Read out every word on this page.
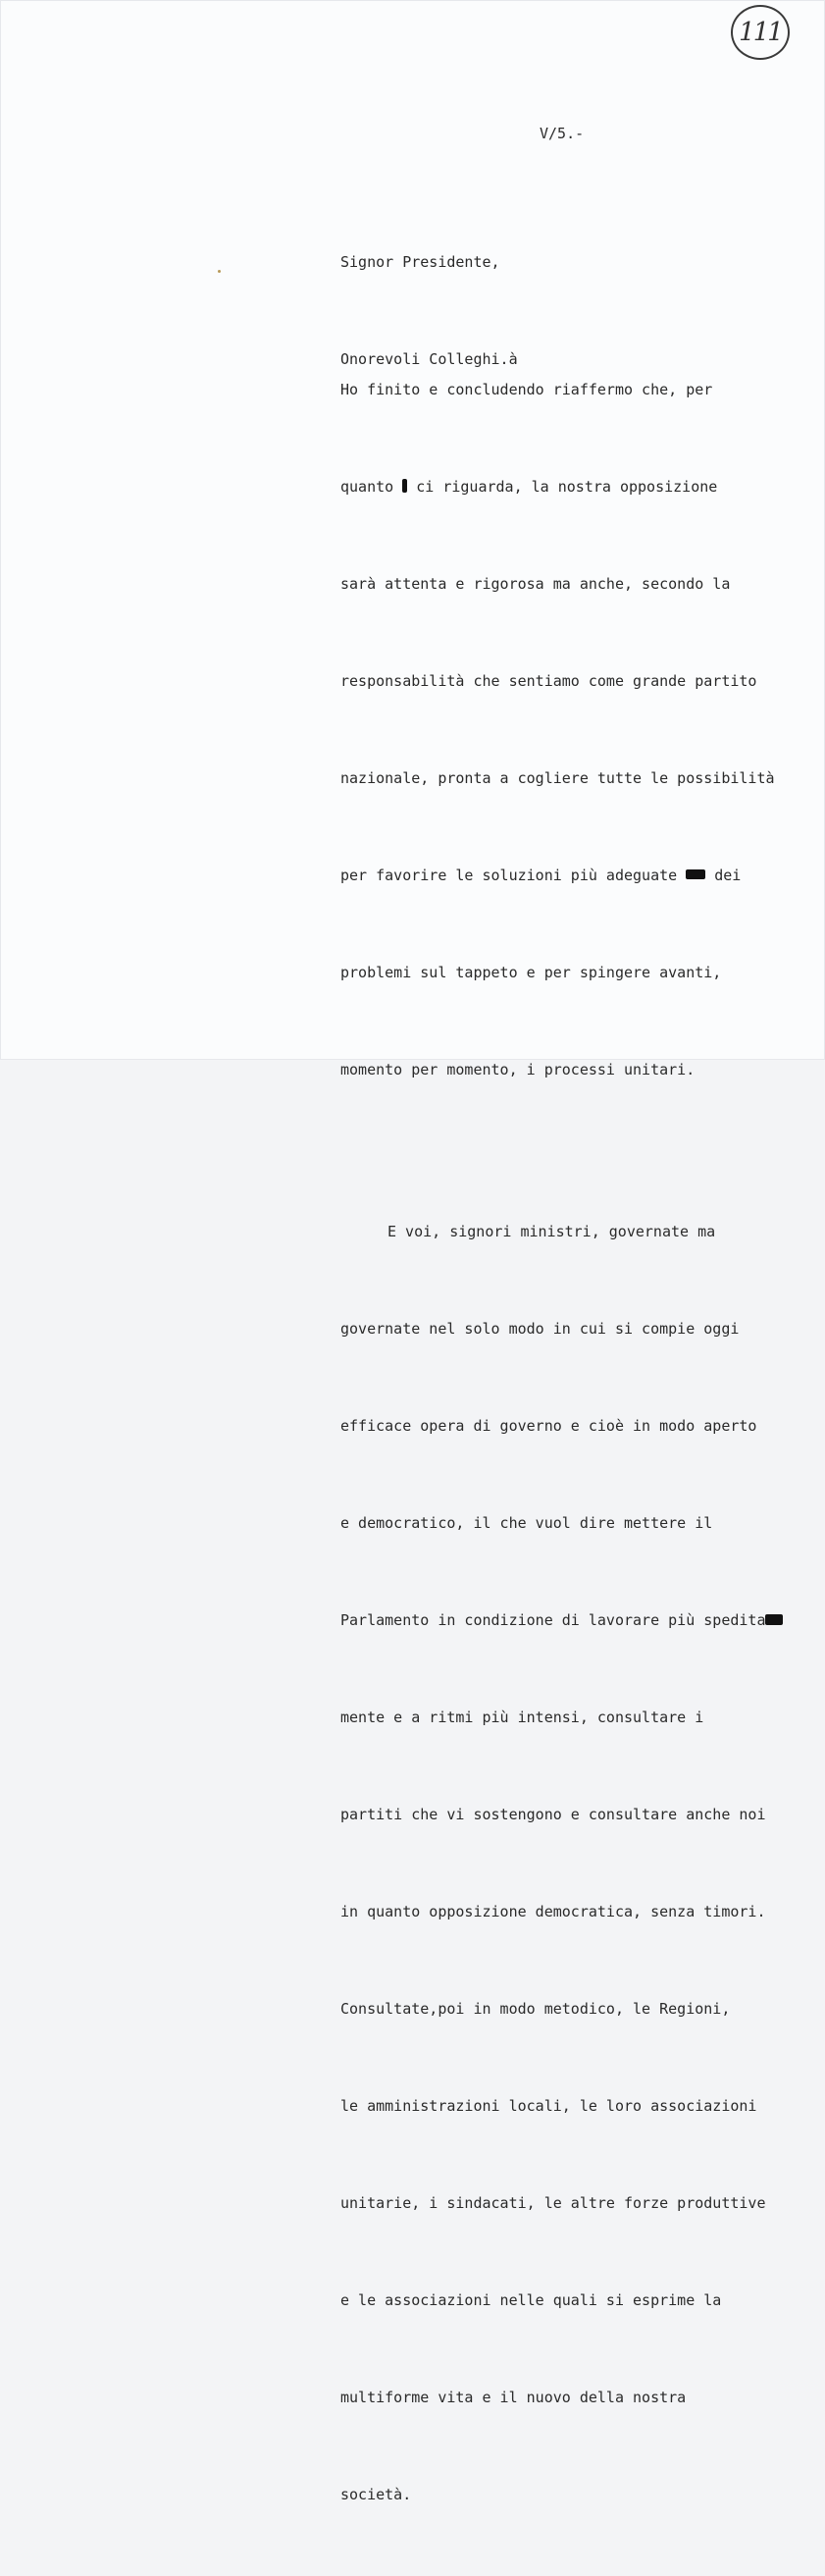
111
V/5.-

Signor Presidente,

Onorevoli Colleghi.à

Ho finito e concludendo riaffermo che, per

quanto  ci riguarda, la nostra opposizione

sarà attenta e rigorosa ma anche, secondo la

responsabilità che sentiamo come grande partito

nazionale, pronta a cogliere tutte le possibilità

per favorire le soluzioni più adeguate  dei

problemi sul tappeto e per spingere avanti,

momento per momento, i processi unitari.

E voi, signori ministri, governate ma

governate nel solo modo in cui si compie oggi

efficace opera di governo e cioè in modo aperto

e democratico, il che vuol dire mettere il

Parlamento in condizione di lavorare più spedita

mente e a ritmi più intensi, consultare i

partiti che vi sostengono e consultare anche noi

in quanto opposizione democratica, senza timori.

Consultate,poi in modo metodico, le Regioni,

le amministrazioni locali, le loro associazioni

unitarie, i sindacati, le altre forze produttive

e le associazioni nelle quali si esprime la

multiforme vita e il nuovo della nostra

società.
